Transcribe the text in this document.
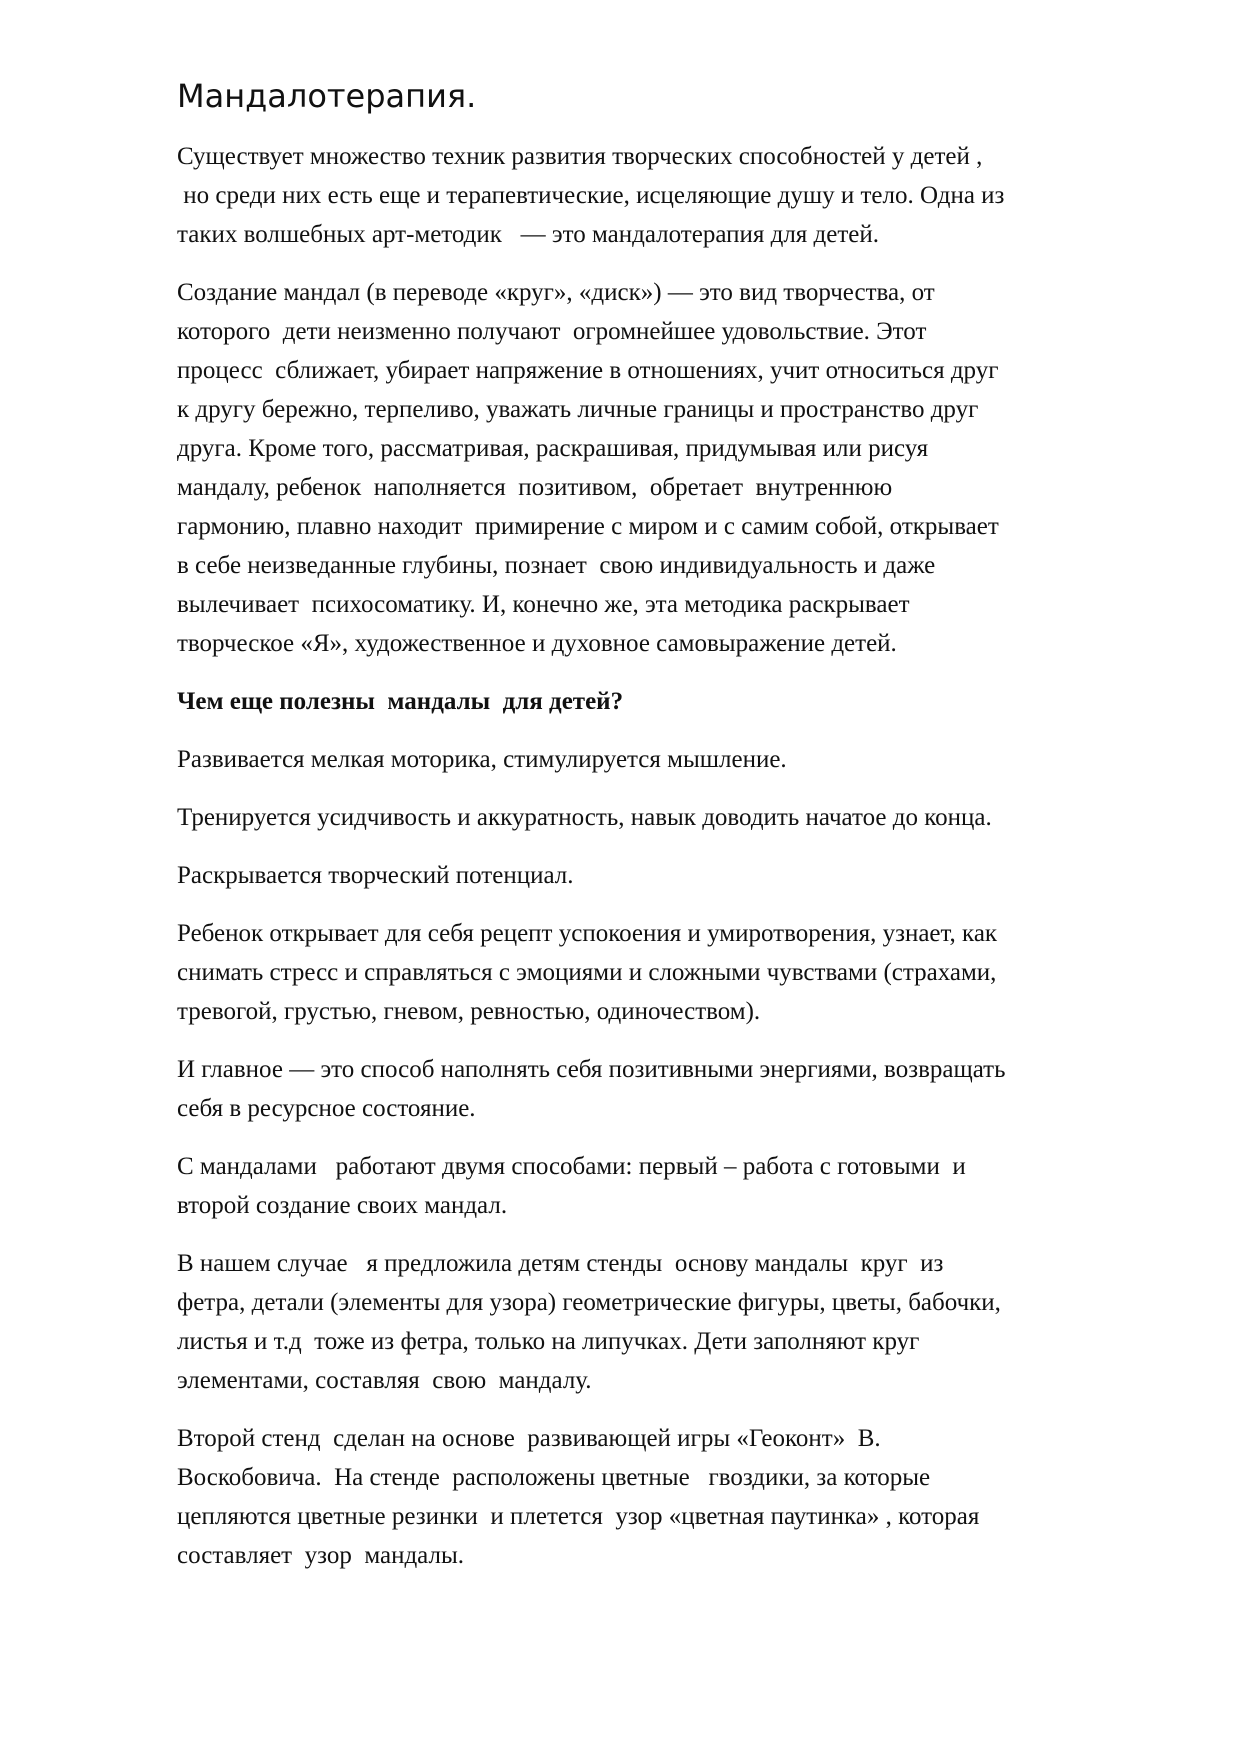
Мандалотерапия.

Существует множество техник развития творческих способностей у детей ,
но среди них есть еще и терапевтические, исцеляющие душу и тело. Одна из
таких волшебных арт-методик   — это мандалотерапия для детей.

Создание мандал (в переводе «круг», «диск») — это вид творчества, от
которого  дети неизменно получают  огромнейшее удовольствие. Этот
процесс  сближает, убирает напряжение в отношениях, учит относиться друг
к другу бережно, терпеливо, уважать личные границы и пространство друг
друга. Кроме того, рассматривая, раскрашивая, придумывая или рисуя
мандалу, ребенок  наполняется  позитивом,  обретает  внутреннюю
гармонию, плавно находит  примирение с миром и с самим собой, открывает
в себе неизведанные глубины, познает  свою индивидуальность и даже
вылечивает  психосоматику. И, конечно же, эта методика раскрывает
творческое «Я», художественное и духовное самовыражение детей.

Чем еще полезны  мандалы  для детей?

Развивается мелкая моторика, стимулируется мышление.

Тренируется усидчивость и аккуратность, навык доводить начатое до конца.

Раскрывается творческий потенциал.

Ребенок открывает для себя рецепт успокоения и умиротворения, узнает, как
снимать стресс и справляться с эмоциями и сложными чувствами (страхами,
тревогой, грустью, гневом, ревностью, одиночеством).

И главное — это способ наполнять себя позитивными энергиями, возвращать
себя в ресурсное состояние.

С мандалами   работают двумя способами: первый – работа с готовыми  и
второй создание своих мандал.

В нашем случае   я предложила детям стенды  основу мандалы  круг  из
фетра, детали (элементы для узора) геометрические фигуры, цветы, бабочки,
листья и т.д  тоже из фетра, только на липучках. Дети заполняют круг
элементами, составляя  свою  мандалу.

Второй стенд  сделан на основе  развивающей игры «Геоконт»  В.
Воскобовича.  На стенде  расположены цветные   гвоздики, за которые
цепляются цветные резинки  и плетется  узор «цветная паутинка» , которая
составляет  узор  мандалы.
